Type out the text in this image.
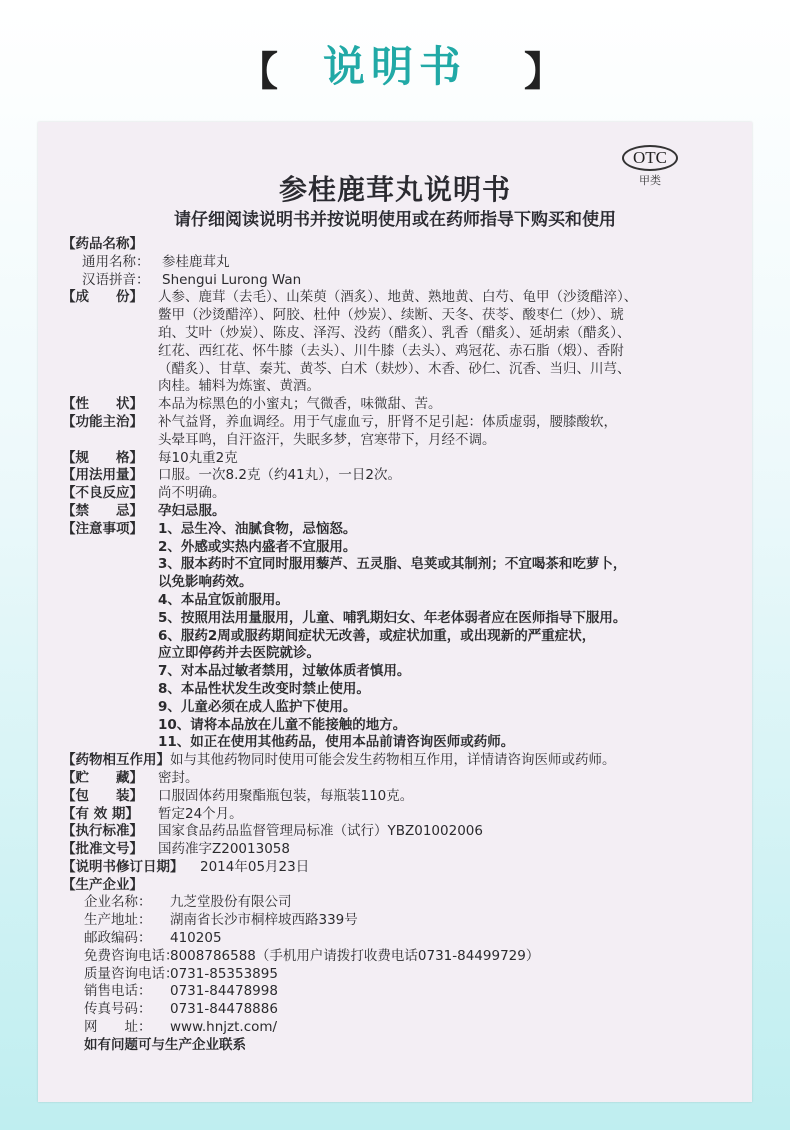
【	说明书	】
OTC
甲类
参桂鹿茸丸说明书
请仔细阅读说明书并按说明使用或在药师指导下购买和使用
【药品名称】
通用名称： 参桂鹿茸丸
汉语拼音： Shengui Lurong Wan
【成　　份】 人参、鹿茸（去毛）、山茱萸（酒炙）、地黄、熟地黄、白芍、龟甲（沙烫醋淬）、
鳖甲（沙烫醋淬）、阿胶、杜仲（炒炭）、续断、天冬、茯苓、酸枣仁（炒）、琥
珀、艾叶（炒炭）、陈皮、泽泻、没药（醋炙）、乳香（醋炙）、延胡索（醋炙）、
红花、西红花、怀牛膝（去头）、川牛膝（去头）、鸡冠花、赤石脂（煅）、香附
（醋炙）、甘草、秦艽、黄芩、白术（麸炒）、木香、砂仁、沉香、当归、川芎、
肉桂。辅料为炼蜜、黄酒。
【性　　状】 本品为棕黑色的小蜜丸；气微香，味微甜、苦。
【功能主治】 补气益肾，养血调经。用于气虚血亏，肝肾不足引起：体质虚弱，腰膝酸软，
头晕耳鸣，自汗盗汗，失眠多梦，宫寒带下，月经不调。
【规　　格】 每10丸重2克
【用法用量】 口服。一次8.2克（约41丸），一日2次。
【不良反应】 尚不明确。
【禁　　忌】 孕妇忌服。
【注意事项】 1、忌生冷、油腻食物，忌恼怒。
2、外感或实热内盛者不宜服用。
3、服本药时不宜同时服用藜芦、五灵脂、皂荚或其制剂；不宜喝茶和吃萝卜，
以免影响药效。
4、本品宜饭前服用。
5、按照用法用量服用，儿童、哺乳期妇女、年老体弱者应在医师指导下服用。
6、服药2周或服药期间症状无改善，或症状加重，或出现新的严重症状，
应立即停药并去医院就诊。
7、对本品过敏者禁用，过敏体质者慎用。
8、本品性状发生改变时禁止使用。
9、儿童必须在成人监护下使用。
10、请将本品放在儿童不能接触的地方。
11、如正在使用其他药品，使用本品前请咨询医师或药师。
【药物相互作用】如与其他药物同时使用可能会发生药物相互作用，详情请咨询医师或药师。
【贮　　藏】 密封。
【包　　装】 口服固体药用聚酯瓶包装，每瓶装110克。
【有 效 期】 暂定24个月。
【执行标准】 国家食品药品监督管理局标准（试行）YBZ01002006
【批准文号】 国药准字Z20013058
【说明书修订日期】 2014年05月23日
【生产企业】
企业名称： 九芝堂股份有限公司
生产地址： 湖南省长沙市桐梓坡西路339号
邮政编码： 410205
免费咨询电话：8008786588（手机用户请拨打收费电话0731-84499729）
质量咨询电话：0731-85353895
销售电话： 0731-84478998
传真号码： 0731-84478886
网　　址： www.hnjzt.com/
如有问题可与生产企业联系
